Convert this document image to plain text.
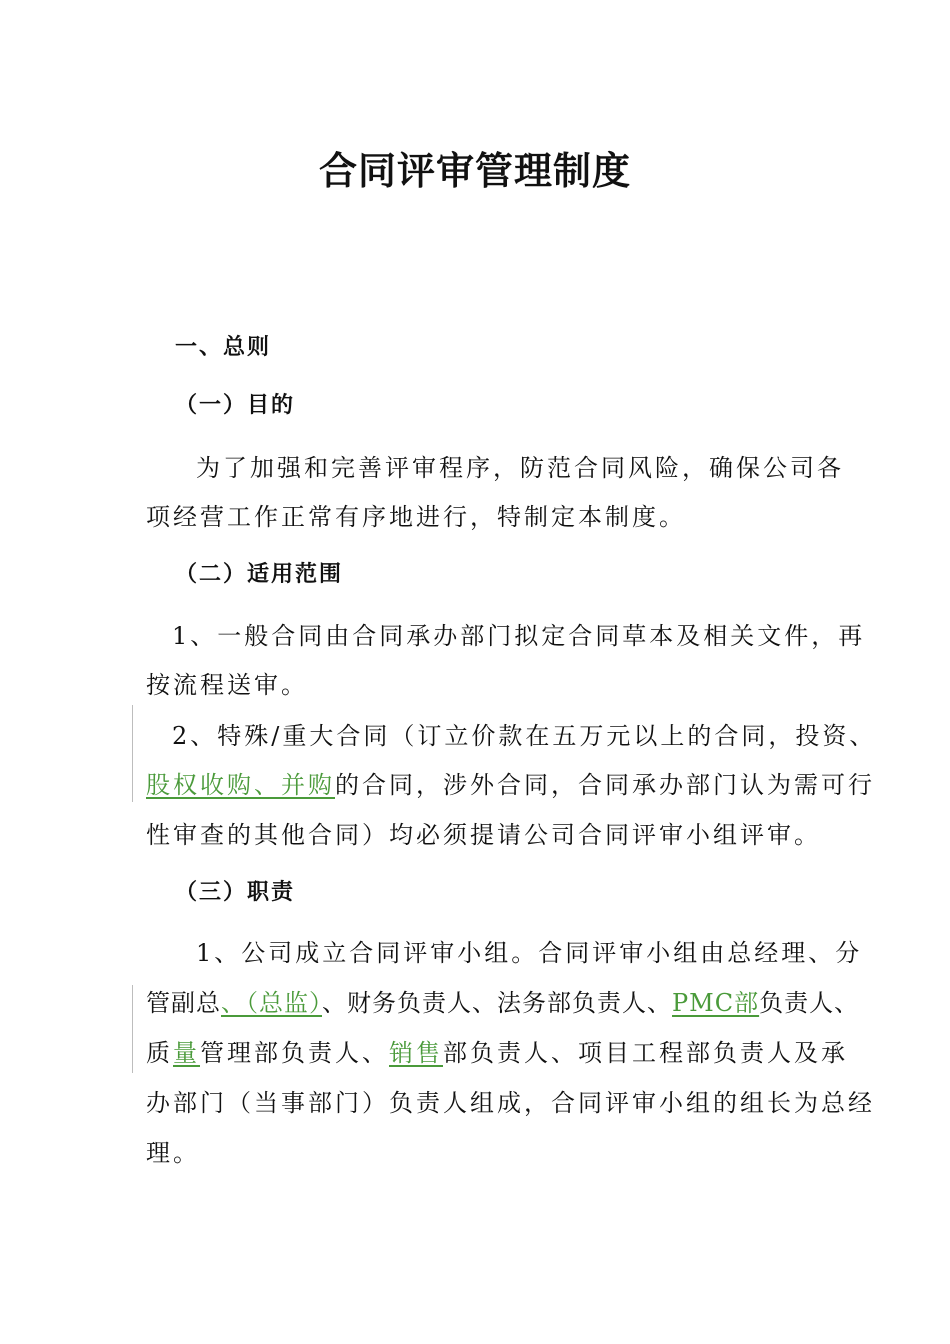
合同评审管理制度
一、总则
（一）目的
为了加强和完善评审程序，防范合同风险，确保公司各
项经营工作正常有序地进行，特制定本制度。
（二）适用范围
1、一般合同由合同承办部门拟定合同草本及相关文件，再
按流程送审。
2、特殊/重大合同（订立价款在五万元以上的合同，投资、
股权收购、并购的合同，涉外合同，合同承办部门认为需可行
性审查的其他合同）均必须提请公司合同评审小组评审。
（三）职责
1、公司成立合同评审小组。合同评审小组由总经理、分
管副总、（总监）、财务负责人、法务部负责人、PMC部负责人、
质量管理部负责人、销售部负责人、项目工程部负责人及承
办部门（当事部门）负责人组成，合同评审小组的组长为总经
理。
